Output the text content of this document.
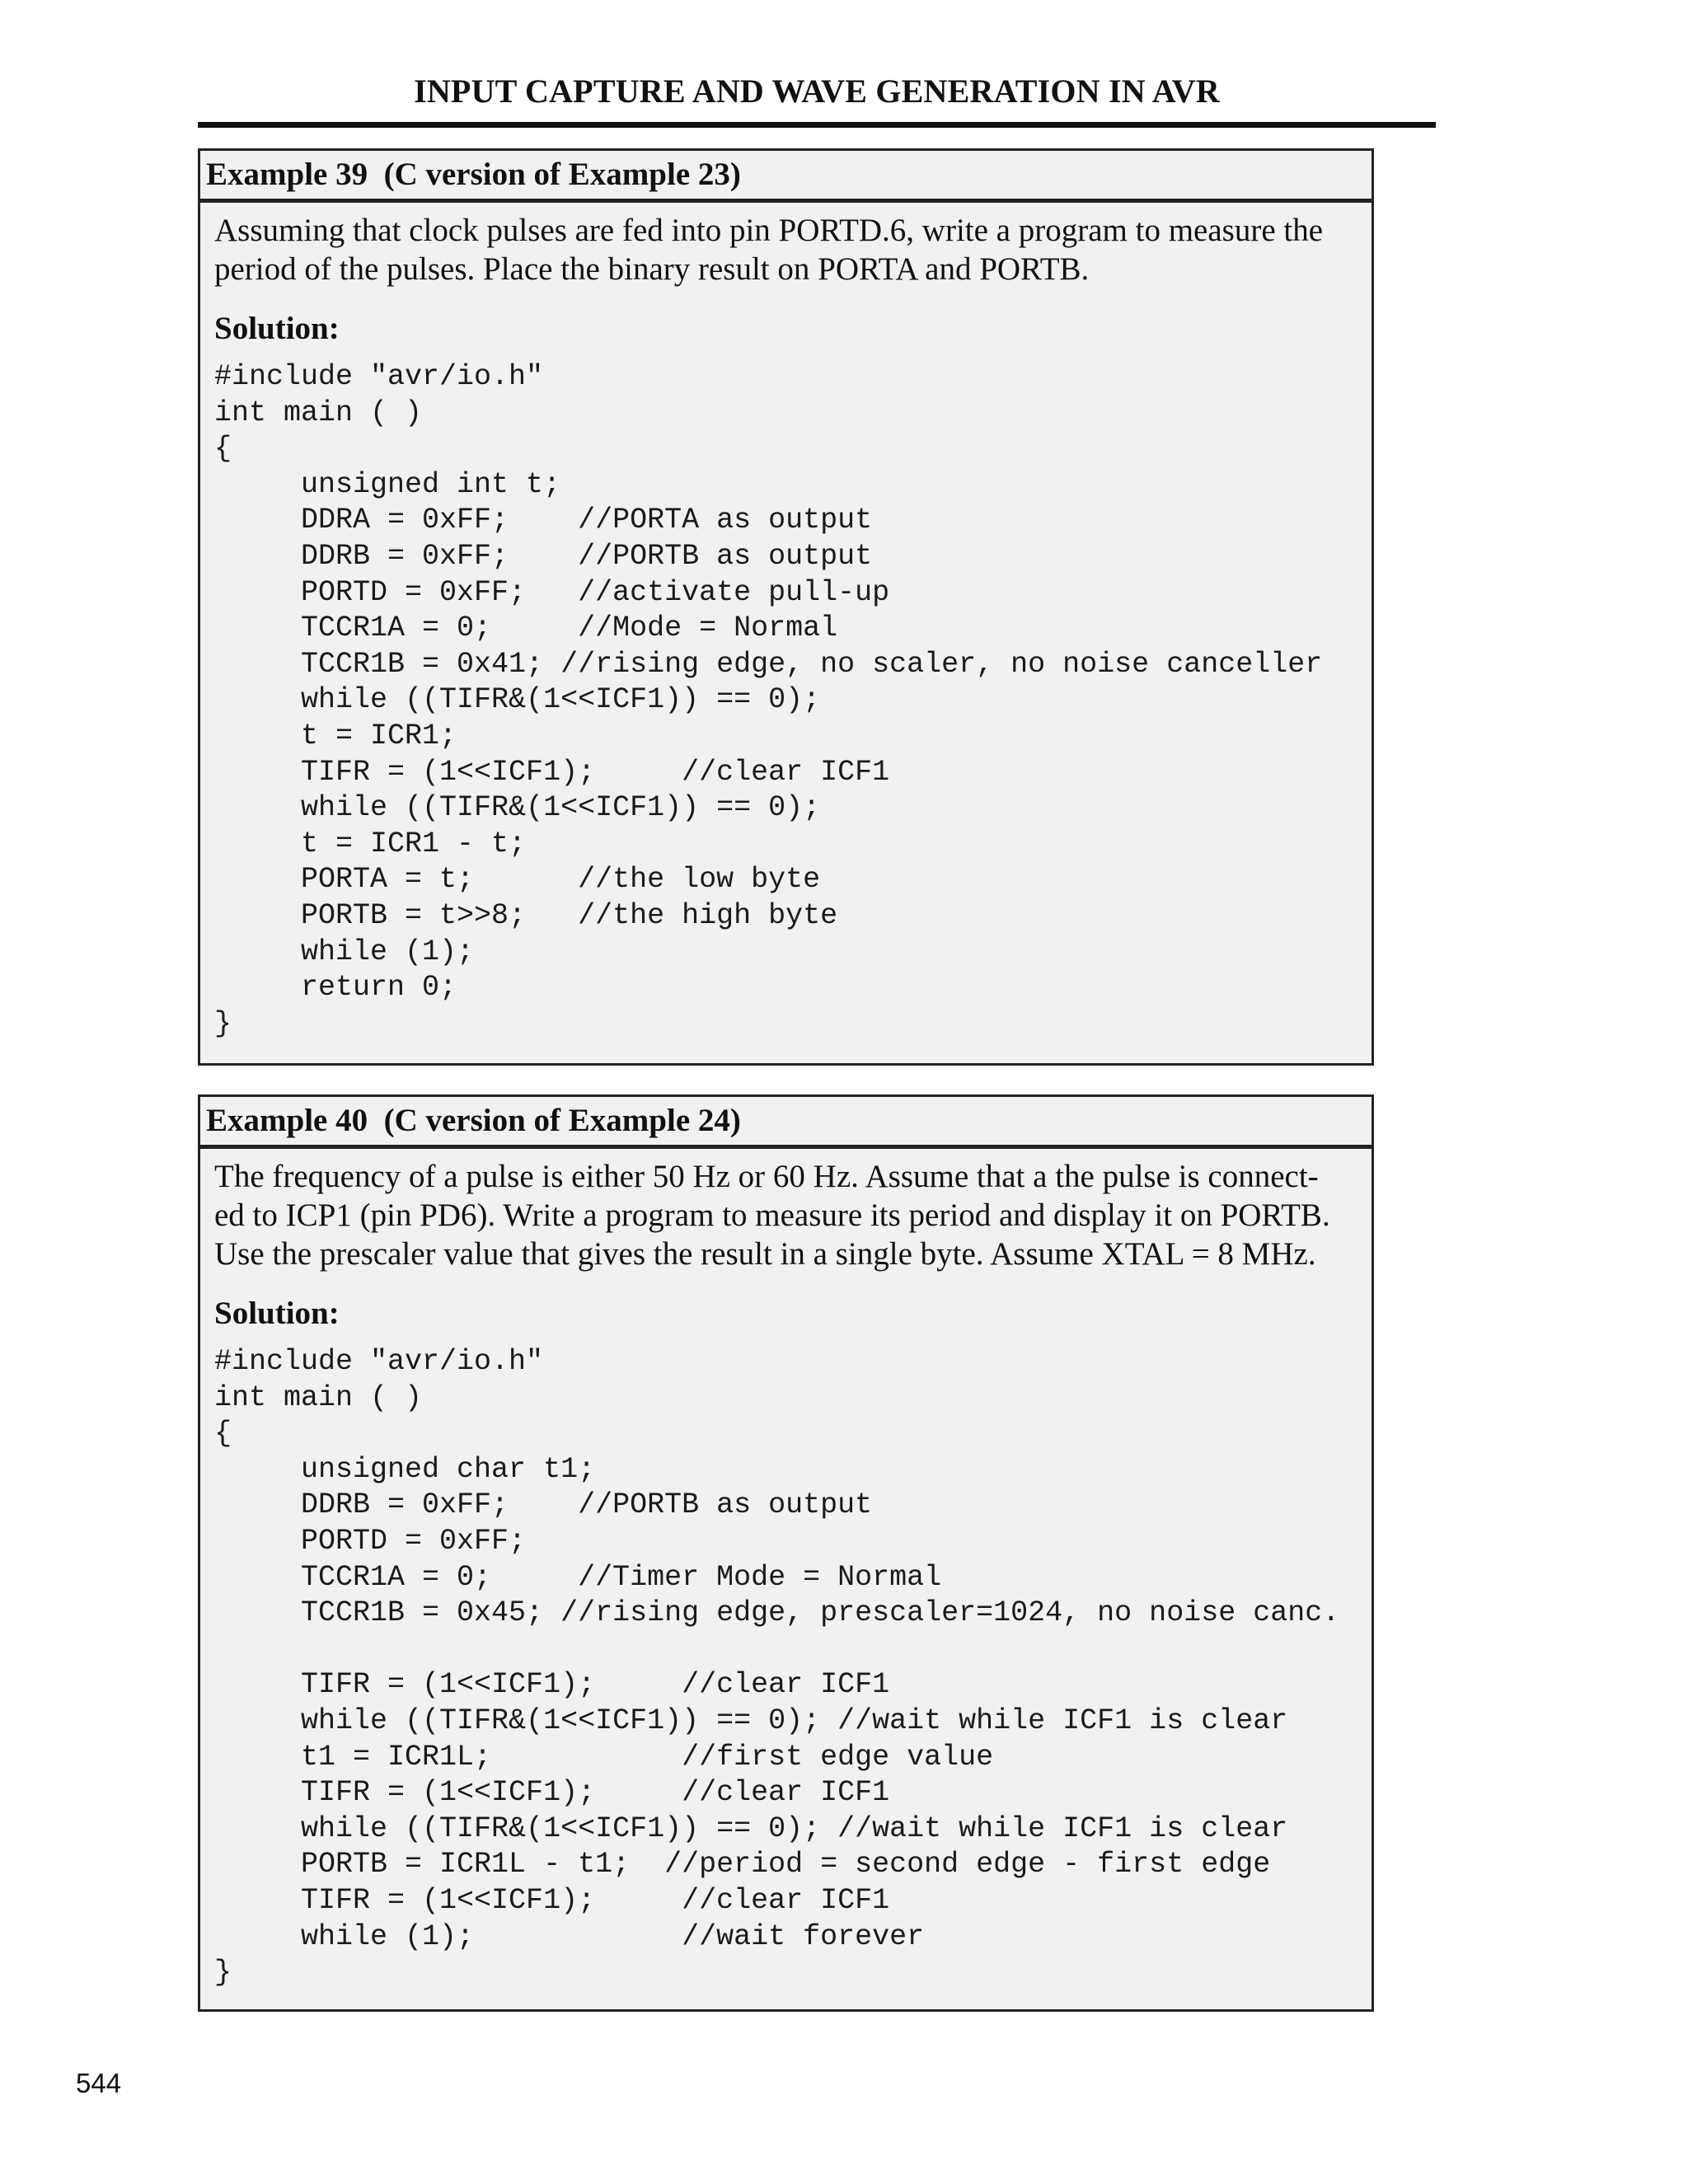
INPUT CAPTURE AND WAVE GENERATION IN AVR
Example 39  (C version of Example 23)

Assuming that clock pulses are fed into pin PORTD.6, write a program to measure the
period of the pulses. Place the binary result on PORTA and PORTB.

Solution:
#include "avr/io.h"
int main ( )
{
unsigned int t;
DDRA = 0xFF;    //PORTA as output
DDRB = 0xFF;    //PORTB as output
PORTD = 0xFF;   //activate pull-up
TCCR1A = 0;     //Mode = Normal
TCCR1B = 0x41; //rising edge, no scaler, no noise canceller
while ((TIFR&(1<<ICF1)) == 0);
t = ICR1;
TIFR = (1<<ICF1);     //clear ICF1
while ((TIFR&(1<<ICF1)) == 0);
t = ICR1 - t;
PORTA = t;      //the low byte
PORTB = t>>8;   //the high byte
while (1);
return 0;
}
Example 40  (C version of Example 24)

The frequency of a pulse is either 50 Hz or 60 Hz. Assume that a the pulse is connect-
ed to ICP1 (pin PD6). Write a program to measure its period and display it on PORTB.
Use the prescaler value that gives the result in a single byte. Assume XTAL = 8 MHz.

Solution:
#include "avr/io.h"
int main ( )
{
unsigned char t1;
DDRB = 0xFF;    //PORTB as output
PORTD = 0xFF;
TCCR1A = 0;     //Timer Mode = Normal
TCCR1B = 0x45; //rising edge, prescaler=1024, no noise canc.

TIFR = (1<<ICF1);     //clear ICF1
while ((TIFR&(1<<ICF1)) == 0); //wait while ICF1 is clear
t1 = ICR1L;           //first edge value
TIFR = (1<<ICF1);     //clear ICF1
while ((TIFR&(1<<ICF1)) == 0); //wait while ICF1 is clear
PORTB = ICR1L - t1;  //period = second edge - first edge
TIFR = (1<<ICF1);     //clear ICF1
while (1);            //wait forever
}
544
